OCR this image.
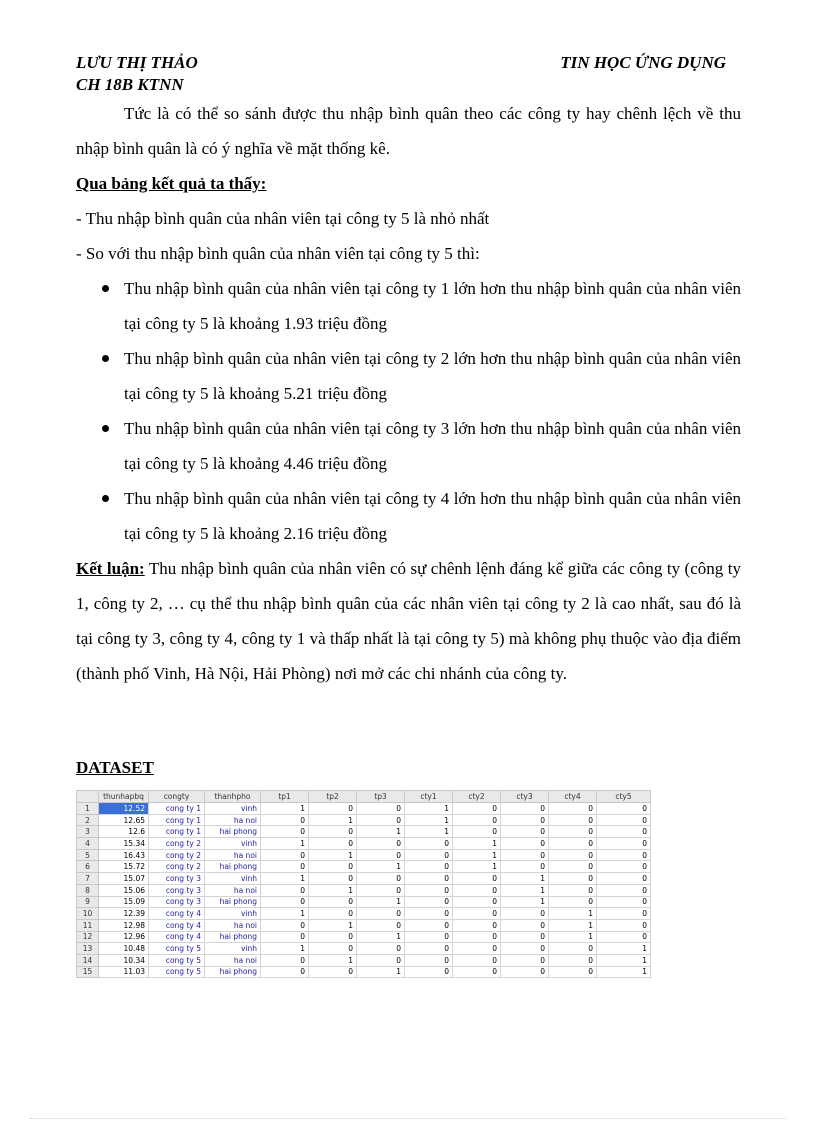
LƯU THỊ THẢO
CH 18B KTNN
TIN HỌC ỨNG DỤNG

Tức là có thể so sánh được thu nhập bình quân theo các công ty hay chênh lệch về thu nhập bình quân là có ý nghĩa về mặt thống kê.

Qua bảng kết quả ta thấy:

- Thu nhập bình quân của nhân viên tại công ty 5 là nhỏ nhất

- So với thu nhập bình quân của nhân viên tại công ty 5 thì:

Thu nhập bình quân của nhân viên tại công ty 1 lớn hơn thu nhập bình quân của nhân viên tại công ty 5 là khoảng 1.93 triệu đồng
Thu nhập bình quân của nhân viên tại công ty 2 lớn hơn thu nhập bình quân của nhân viên tại công ty 5 là khoảng 5.21 triệu đồng
Thu nhập bình quân của nhân viên tại công ty 3 lớn hơn thu nhập bình quân của nhân viên tại công ty 5 là khoảng 4.46 triệu đồng
Thu nhập bình quân của nhân viên tại công ty 4 lớn hơn thu nhập bình quân của nhân viên tại công ty 5 là khoảng 2.16 triệu đồng

Kết luận: Thu nhập bình quân của nhân viên có sự chênh lệnh đáng kể giữa các công ty (công ty 1, công ty 2, … cụ thể thu nhập bình quân của các nhân viên tại công ty 2 là cao nhất, sau đó là tại công ty 3, công ty 4, công ty 1 và thấp nhất là tại công ty 5) mà không phụ thuộc vào địa điểm (thành phố Vinh, Hà Nội, Hải Phòng) nơi mở các chi nhánh của công ty.

DATASET
	thunhapbq	congty	thanhpho	tp1	tp2	tp3	cty1	cty2	cty3	cty4	cty5
1	12.52	cong ty 1	vinh	1	0	0	1	0	0	0	0
2	12.65	cong ty 1	ha noi	0	1	0	1	0	0	0	0
3	12.6	cong ty 1	hai phong	0	0	1	1	0	0	0	0
4	15.34	cong ty 2	vinh	1	0	0	0	1	0	0	0
5	16.43	cong ty 2	ha noi	0	1	0	0	1	0	0	0
6	15.72	cong ty 2	hai phong	0	0	1	0	1	0	0	0
7	15.07	cong ty 3	vinh	1	0	0	0	0	1	0	0
8	15.06	cong ty 3	ha noi	0	1	0	0	0	1	0	0
9	15.09	cong ty 3	hai phong	0	0	1	0	0	1	0	0
10	12.39	cong ty 4	vinh	1	0	0	0	0	0	1	0
11	12.98	cong ty 4	ha noi	0	1	0	0	0	0	1	0
12	12.96	cong ty 4	hai phong	0	0	1	0	0	0	1	0
13	10.48	cong ty 5	vinh	1	0	0	0	0	0	0	1
14	10.34	cong ty 5	ha noi	0	1	0	0	0	0	0	1
15	11.03	cong ty 5	hai phong	0	0	1	0	0	0	0	1
